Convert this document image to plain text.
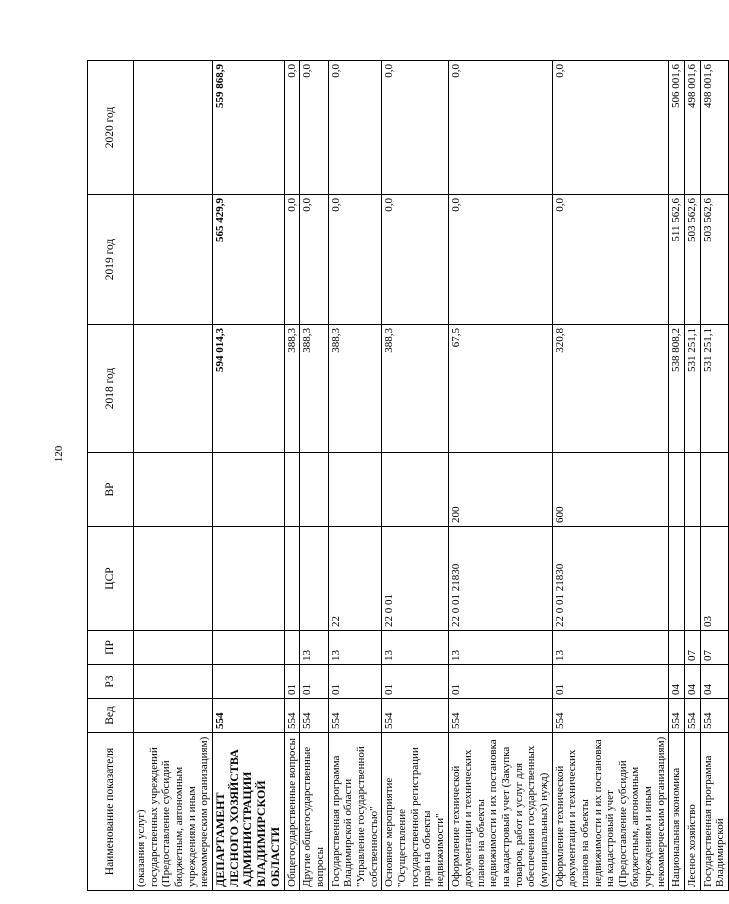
120
Наименование показателя	Вед	РЗ	ПР	ЦСР	ВР	2018 год	2019 год	2020 год
(оказания услуг) государственных учреждений (Предоставление субсидий бюджетным, автономным учреждениям и иным некоммерческим организациям)								
ДЕПАРТАМЕНТ ЛЕСНОГО ХОЗЯЙСТВА АДМИНИСТРАЦИИ ВЛАДИМИРСКОЙ ОБЛАСТИ	554					594 014,3	565 429,9	559 868,9
Общегосударственные вопросы	554	01				388,3	0,0	0,0
Другие общегосударственные вопросы	554	01	13			388,3	0,0	0,0
Государственная программа Владимирской области "Управление государственной собственностью"	554	01	13	22		388,3	0,0	0,0
Основное мероприятие "Осуществление государственной регистрации прав на объекты недвижимости"	554	01	13	22 0 01		388,3	0,0	0,0
Оформление технической документации и технических планов на объекты недвижимости и их постановка на кадастровый учет (Закупка товаров, работ и услуг для обеспечения государственных (муниципальных) нужд)	554	01	13	22 0 01 21830	200	67,5	0,0	0,0
Оформление технической документации и технических планов на объекты недвижимости и их постановка на кадастровый учет (Предоставление субсидий бюджетным, автономным учреждениям и иным некоммерческим организациям)	554	01	13	22 0 01 21830	600	320,8	0,0	0,0
Национальная экономика	554	04				538 808,2	511 562,6	506 001,6
Лесное хозяйство	554	04	07			531 251,1	503 562,6	498 001,6
Государственная программа Владимирской	554	04	07	03		531 251,1	503 562,6	498 001,6
